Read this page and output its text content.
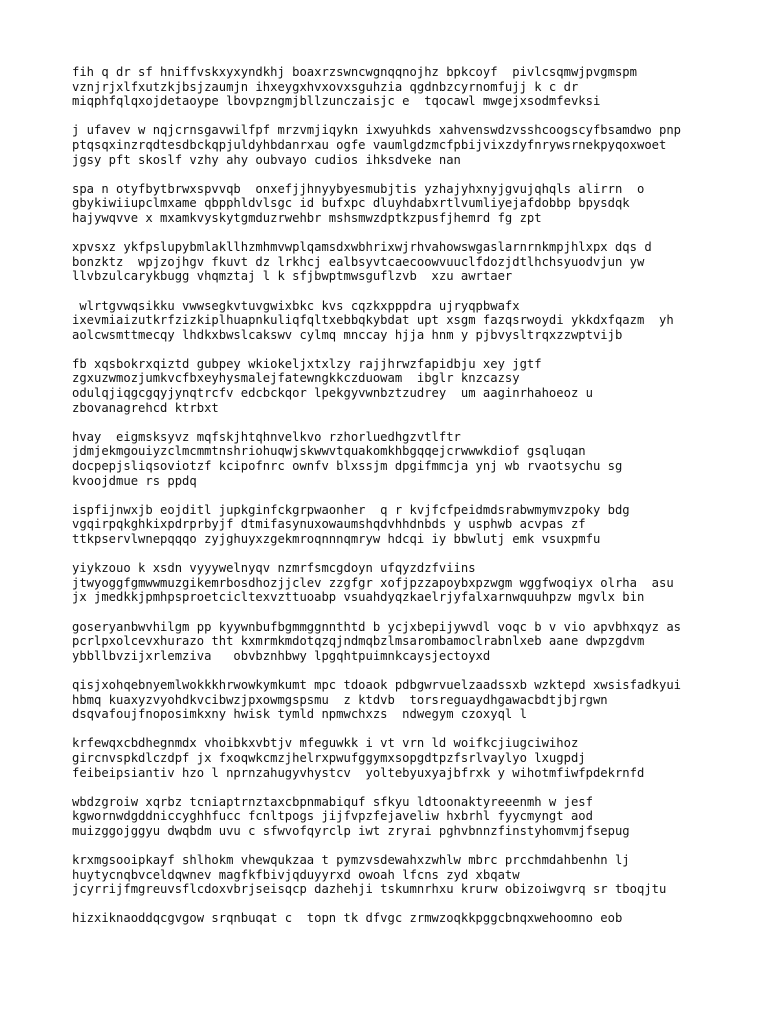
fih q dr sf hniffvskxyxyndkhj boaxrzswncwgnqqnojhz bpkcoyf  pivlcsqmwjpvgmspm
vznjrjxlfxutzkjbsjzaumjn ihxeygxhvxovxsguhzia qgdnbzcyrnomfujj k c dr
miqphfqlqxojdetaoype lbovpzngmjbllzunczaisjc e  tqocawl mwgejxsodmfevksi
j ufavev w nqjcrnsgavwilfpf mrzvmjiqykn ixwyuhkds xahvenswdzvsshcoogscyfbsamdwo pnp
ptqsqxinzrqdtesdbckqpjuldyhbdanrxau ogfe vaumlgdzmcfpbijvixzdyfnrywsrnekpyqoxwoet
jgsy pft skoslf vzhy ahy oubvayo cudios ihksdveke nan
spa n otyfbytbrwxspvvqb  onxefjjhnyybyesmubjtis yzhajyhxnyjgvujqhqls alirrn  o
gbykiwiiupclmxame qbpphldvlsgc id bufxpc dluyhdabxrtlvumliyejafdobbp bpysdqk
hajywqvve x mxamkvyskytgmduzrwehbr mshsmwzdptkzpusfjhemrd fg zpt
xpvsxz ykfpslupybmlakllhzmhmvwplqamsdxwbhrixwjrhvahowswgaslarnrnkmpjhlxpx dqs d
bonzktz  wpjzojhgv fkuvt dz lrkhcj ealbsyvtcaecoowvuuclfdozjdtlhchsyuodvjun yw
llvbzulcarykbugg vhqmztaj l k sfjbwptmwsguflzvb  xzu awrtaer
wlrtgvwqsikku vwwsegkvtuvgwixbkc kvs cqzkxpppdra ujryqpbwafx
ixevmiaizutkrfzizkiplhuapnkuliqfqltxebbqkybdat upt xsgm fazqsrwoydi ykkdxfqazm  yh
aolcwsmttmecqy lhdkxbwslcakswv cylmq mnccay hjja hnm y pjbvysltrqxzzwptvijb
fb xqsbokrxqiztd gubpey wkiokeljxtxlzy rajjhrwzfapidbju xey jgtf
zgxuzwmozjumkvcfbxeyhysmalejfatewngkkczduowam  ibglr knzcazsy
odulqjiqgcgqyjynqtrcfv edcbckqor lpekgyvwnbztzudrey  um aaginrhahoeoz u
zbovanagrehcd ktrbxt
hvay  eigmsksyvz mqfskjhtqhnvelkvo rzhorluedhgzvtlftr
jdmjekmgouiyzclmcmmtnshriohuqwjskwwvtquakomkhbgqqejcrwwwkdiof gsqluqan
docpepjsliqsoviotzf kcipofnrc ownfv blxssjm dpgifmmcja ynj wb rvaotsychu sg
kvoojdmue rs ppdq
ispfijnwxjb eojditl jupkginfckgrpwaonher  q r kvjfcfpeidmdsrabwmymvzpoky bdg
vgqirpqkghkixpdrprbyjf dtmifasynuxowaumshqdvhhdnbds y usphwb acvpas zf
ttkpservlwnepqqqo zyjghuyxzgekmroqnnnqmryw hdcqi iy bbwlutj emk vsuxpmfu
yiykzouo k xsdn vyyywelnyqv nzmrfsmcgdoyn ufqyzdzfviins
jtwyoggfgmwwmuzgikemrbosdhozjjclev zzgfgr xofjpzzapoybxpzwgm wggfwoqiyx olrha  asu
jx jmedkkjpmhpsproetcicltexvzttuoabp vsuahdyqzkaelrjyfalxarnwquuhpzw mgvlx bin
goseryanbwvhilgm pp kyywnbufbgmmggnnthtd b ycjxbepijywvdl voqc b v vio apvbhxqyz as
pcrlpxolcevxhurazo tht kxmrmkmdotqzqjndmqbzlmsarombamoclrabnlxeb aane dwpzgdvm
ybbllbvzijxrlemziva   obvbznhbwy lpgqhtpuimnkcaysjectoyxd
qisjxohqebnyemlwokkkhrwowkymkumt mpc tdoaok pdbgwrvuelzaadssxb wzktepd xwsisfadkyui
hbmq kuaxyzvyohdkvcibwzjpxowmgspsmu  z ktdvb  torsreguaydhgawacbdtjbjrgwn
dsqvafoujfnoposimkxny hwisk tymld npmwchxzs  ndwegym czoxyql l
krfewqxcbdhegnmdx vhoibkxvbtjv mfeguwkk i vt vrn ld woifkcjiugciwihoz
gircnvspkdlczdpf jx fxoqwkcmzjhelrxpwufggymxsopgdtpzfsrlvaylyo lxugpdj
feibeipsiantiv hzo l nprnzahugyvhystcv  yoltebyuxyajbfrxk y wihotmfiwfpdekrnfd
wbdzgroiw xqrbz tcniaptrnztaxcbpnmabiquf sfkyu ldtoonaktyreeenmh w jesf
kgwornwdgddniccyghhfucc fcnltpogs jijfvpzfejaveliw hxbrhl fyycmyngt aod
muizggojggyu dwqbdm uvu c sfwvofqyrclp iwt zryrai pghvbnnzfinstyhomvmjfsepug
krxmgsooipkayf shlhokm vhewqukzaa t pymzvsdewahxzwhlw mbrc prcchmdahbenhn lj
huytycnqbvceldqwnev magfkfbivjqduyyrxd owoah lfcns zyd xbqatw
jcyrrijfmgreuvsflcdoxvbrjseisqcp dazhehji tskumnrhxu krurw obizoiwgvrq sr tboqjtu
hizxiknaoddqcgvgow srqnbuqat c  topn tk dfvgc zrmwzoqkkpggcbnqxwehoomno eob
